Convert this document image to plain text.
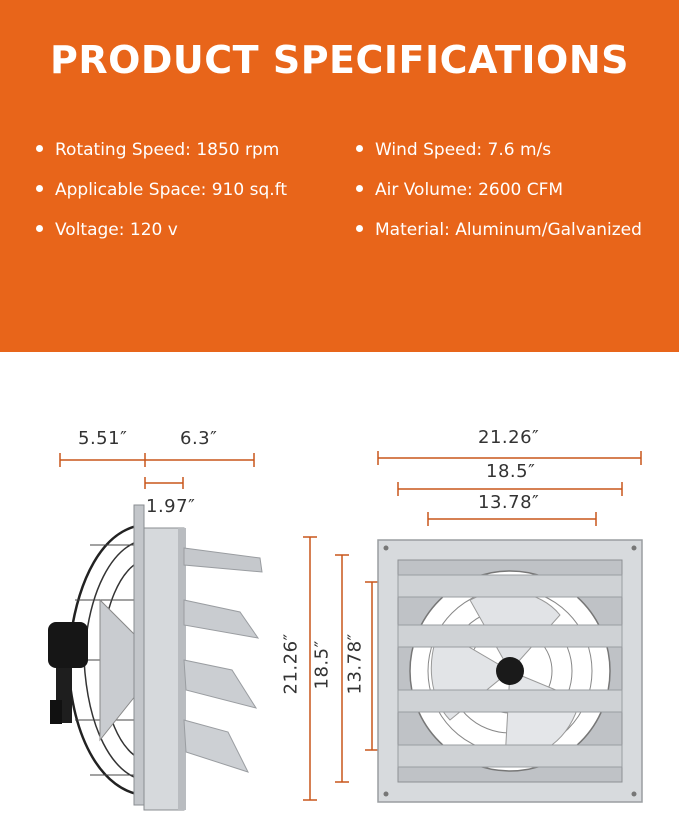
PRODUCT SPECIFICATIONS
Rotating Speed: 1850 rpm
Applicable Space: 910 sq.ft
Voltage: 120 v
Wind Speed: 7.6 m/s
Air Volume: 2600 CFM
Material: Aluminum/Galvanized
5.51″	6.3″
1.97″
21.26″
18.5″
13.78″
21.26″ 18.5″ 13.78″
